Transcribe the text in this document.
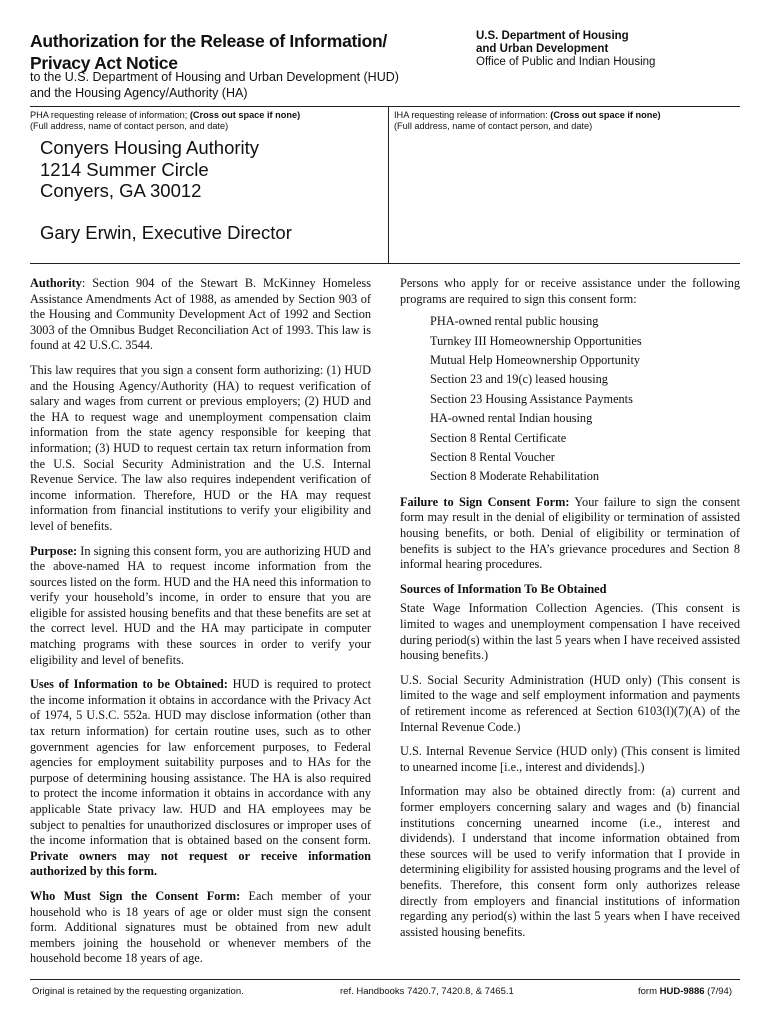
Authorization for the Release of Information/
Privacy Act Notice
U.S. Department of Housing
and Urban Development
Office of Public and Indian Housing
to the U.S. Department of Housing and Urban Development (HUD)
and the Housing Agency/Authority (HA)
PHA requesting release of information; (Cross out space if none)
(Full address, name of contact person, and date)
Conyers Housing Authority
1214 Summer Circle
Conyers, GA 30012
Gary Erwin, Executive Director
IHA requesting release of information: (Cross out space if none)
(Full address, name of contact person, and date)

Authority: Section 904 of the Stewart B. McKinney Homeless Assistance Amendments Act of 1988, as amended by Section 903 of the Housing and Community Development Act of 1992 and Section 3003 of the Omnibus Budget Reconciliation Act of 1993. This law is found at 42 U.S.C. 3544.

This law requires that you sign a consent form authorizing: (1) HUD and the Housing Agency/Authority (HA) to request verification of salary and wages from current or previous employers; (2) HUD and the HA to request wage and unemployment compensation claim information from the state agency responsible for keeping that information; (3) HUD to request certain tax return information from the U.S. Social Security Administration and the U.S. Internal Revenue Service. The law also requires independent verification of income information. Therefore, HUD or the HA may request information from financial institutions to verify your eligibility and level of benefits.

Purpose: In signing this consent form, you are authorizing HUD and the above-named HA to request income information from the sources listed on the form. HUD and the HA need this information to verify your household’s income, in order to ensure that you are eligible for assisted housing benefits and that these benefits are set at the correct level. HUD and the HA may participate in computer matching programs with these sources in order to verify your eligibility and level of benefits.

Uses of Information to be Obtained: HUD is required to protect the income information it obtains in accordance with the Privacy Act of 1974, 5 U.S.C. 552a. HUD may disclose information (other than tax return information) for certain routine uses, such as to other government agencies for law enforcement purposes, to Federal agencies for employment suitability purposes and to HAs for the purpose of determining housing assistance. The HA is also required to protect the income information it obtains in accordance with any applicable State privacy law. HUD and HA employees may be subject to penalties for unauthorized disclosures or improper uses of the income information that is obtained based on the consent form. Private owners may not request or receive information authorized by this form.

Who Must Sign the Consent Form: Each member of your household who is 18 years of age or older must sign the consent form. Additional signatures must be obtained from new adult members joining the household or whenever members of the household become 18 years of age.

Persons who apply for or receive assistance under the following programs are required to sign this consent form:

PHA-owned rental public housing
Turnkey III Homeownership Opportunities
Mutual Help Homeownership Opportunity
Section 23 and 19(c) leased housing
Section 23 Housing Assistance Payments
HA-owned rental Indian housing
Section 8 Rental Certificate
Section 8 Rental Voucher
Section 8 Moderate Rehabilitation

Failure to Sign Consent Form: Your failure to sign the consent form may result in the denial of eligibility or termination of assisted housing benefits, or both. Denial of eligibility or termination of benefits is subject to the HA’s grievance procedures and Section 8 informal hearing procedures.

Sources of Information To Be Obtained

State Wage Information Collection Agencies. (This consent is limited to wages and unemployment compensation I have received during period(s) within the last 5 years when I have received assisted housing benefits.)

U.S. Social Security Administration (HUD only) (This consent is limited to the wage and self employment information and payments of retirement income as referenced at Section 6103(l)(7)(A) of the Internal Revenue Code.)

U.S. Internal Revenue Service (HUD only) (This consent is limited to unearned income [i.e., interest and dividends].)

Information may also be obtained directly from: (a) current and former employers concerning salary and wages and (b) financial institutions concerning unearned income (i.e., interest and dividends). I understand that income information obtained from these sources will be used to verify information that I provide in determining eligibility for assisted housing programs and the level of benefits. Therefore, this consent form only authorizes release directly from employers and financial institutions of information regarding any period(s) within the last 5 years when I have received assisted housing benefits.

Original is retained by the requesting organization.	ref. Handbooks 7420.7, 7420.8, & 7465.1	form HUD-9886 (7/94)
